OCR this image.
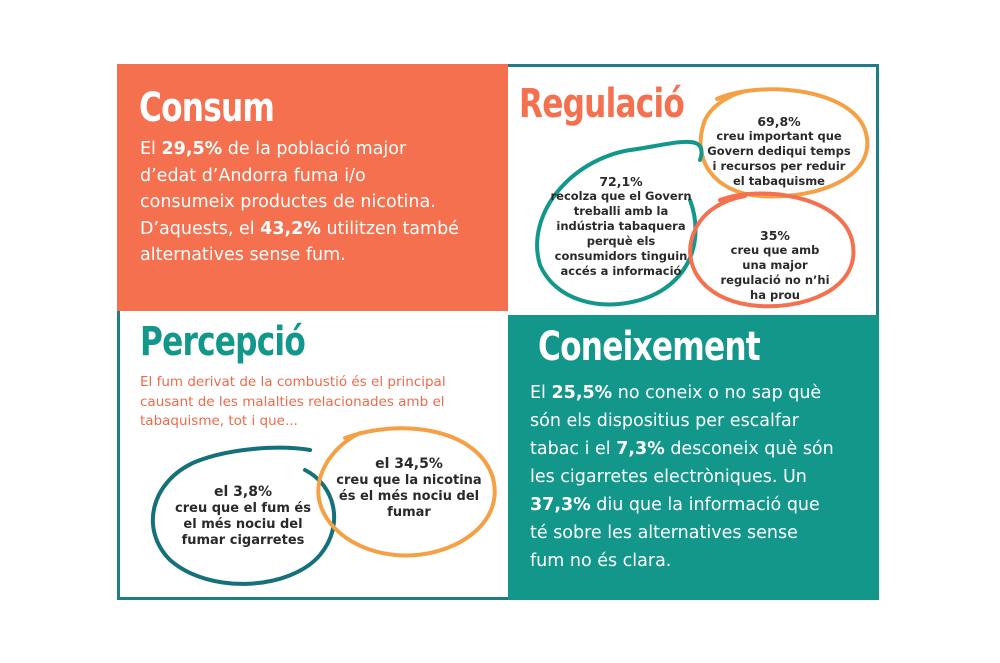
Consum

El 29,5% de la població major
d’edat d’Andorra fuma i/o
consumeix productes de nicotina.
D’aquests, el 43,2% utilitzen també
alternatives sense fum.

Coneixement

El 25,5% no coneix o no sap què
són els dispositius per escalfar
tabac i el 7,3% desconeix què són
les cigarretes electròniques. Un
37,3% diu que la informació que
té sobre les alternatives sense
fum no és clara.

Regulació	69,8%
creu important que
Govern dediqui temps
i recursos per reduir
el tabaquisme

72,1%
recolza que el Govern
treballi amb la
indústria tabaquera
perquè els
consumidors tinguin
accés a informació

35%
creu que amb
una major
regulació no n’hi
ha prou

Percepció

El fum derivat de la combustió és el principal
causant de les malalties relacionades amb el
tabaquisme, tot i que...

el 3,8%
creu que el fum és
el més nociu del
fumar cigarretes

el 34,5%
creu que la nicotina
és el més nociu del
fumar
